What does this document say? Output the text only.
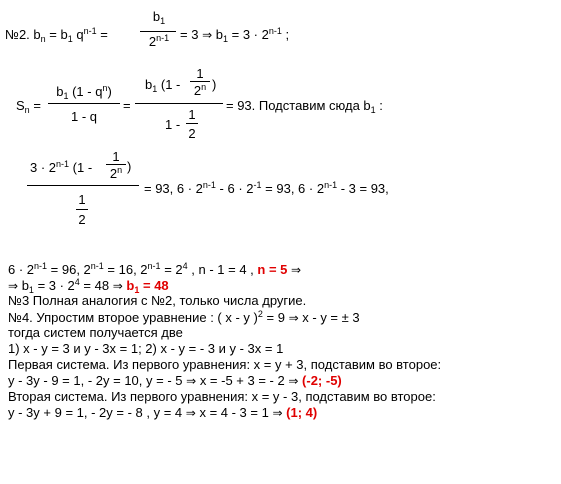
№2. $b_n = b_1$ $q^{n-1}$ =
$b_1$
$2^{n-1} = 3$ ⇒ $b_1 = 3 \cdot 2^{n-1}$ ;
$S_n$ =
$b_1$ $(1 - q^n)$
1 - q
=
$b_1$ (1 -
1
2$^n$ )
1 -
1
2
= 93. Подставим сюда $b_1$ :
$3 \cdot 2^{n-1}$ (1 -
1
2$^n$ )
1
2
= 93, $6 \cdot 2^{n-1} - 6 \cdot 2^{-1} = 93$, $6 \cdot 2^{n-1} - 3 = 93$,
$6 \cdot 2^{n-1} = 96$, $2^{n-1} = 16$, $2^{n-1} = 2^4$ , n - 1 = 4 , n = 5 ⇒
⇒ $b_1 = 3 \cdot 2^4 = 48$ ⇒ $b_1 = 48$
№3 Полная аналогия с №2, только числа другие.
№4. Упростим второе уравнение : ( x - y )$^2$ = 9 ⇒ x - y = ± 3
тогда систем получается две
1) x - y = 3 и y - 3x = 1; 2) x - y = - 3 и y - 3x = 1
Первая система. Из первого уравнения: x = y + 3, подставим во второе:
y - 3y - 9 = 1, - 2y = 10, y = - 5 ⇒ x = -5 + 3 = - 2 ⇒ (-2; -5)
Вторая система. Из первого уравнения: x = y - 3, подставим во второе:
y - 3y + 9 = 1, - 2y = - 8 , y = 4 ⇒ x = 4 - 3 = 1 ⇒ (1; 4)
